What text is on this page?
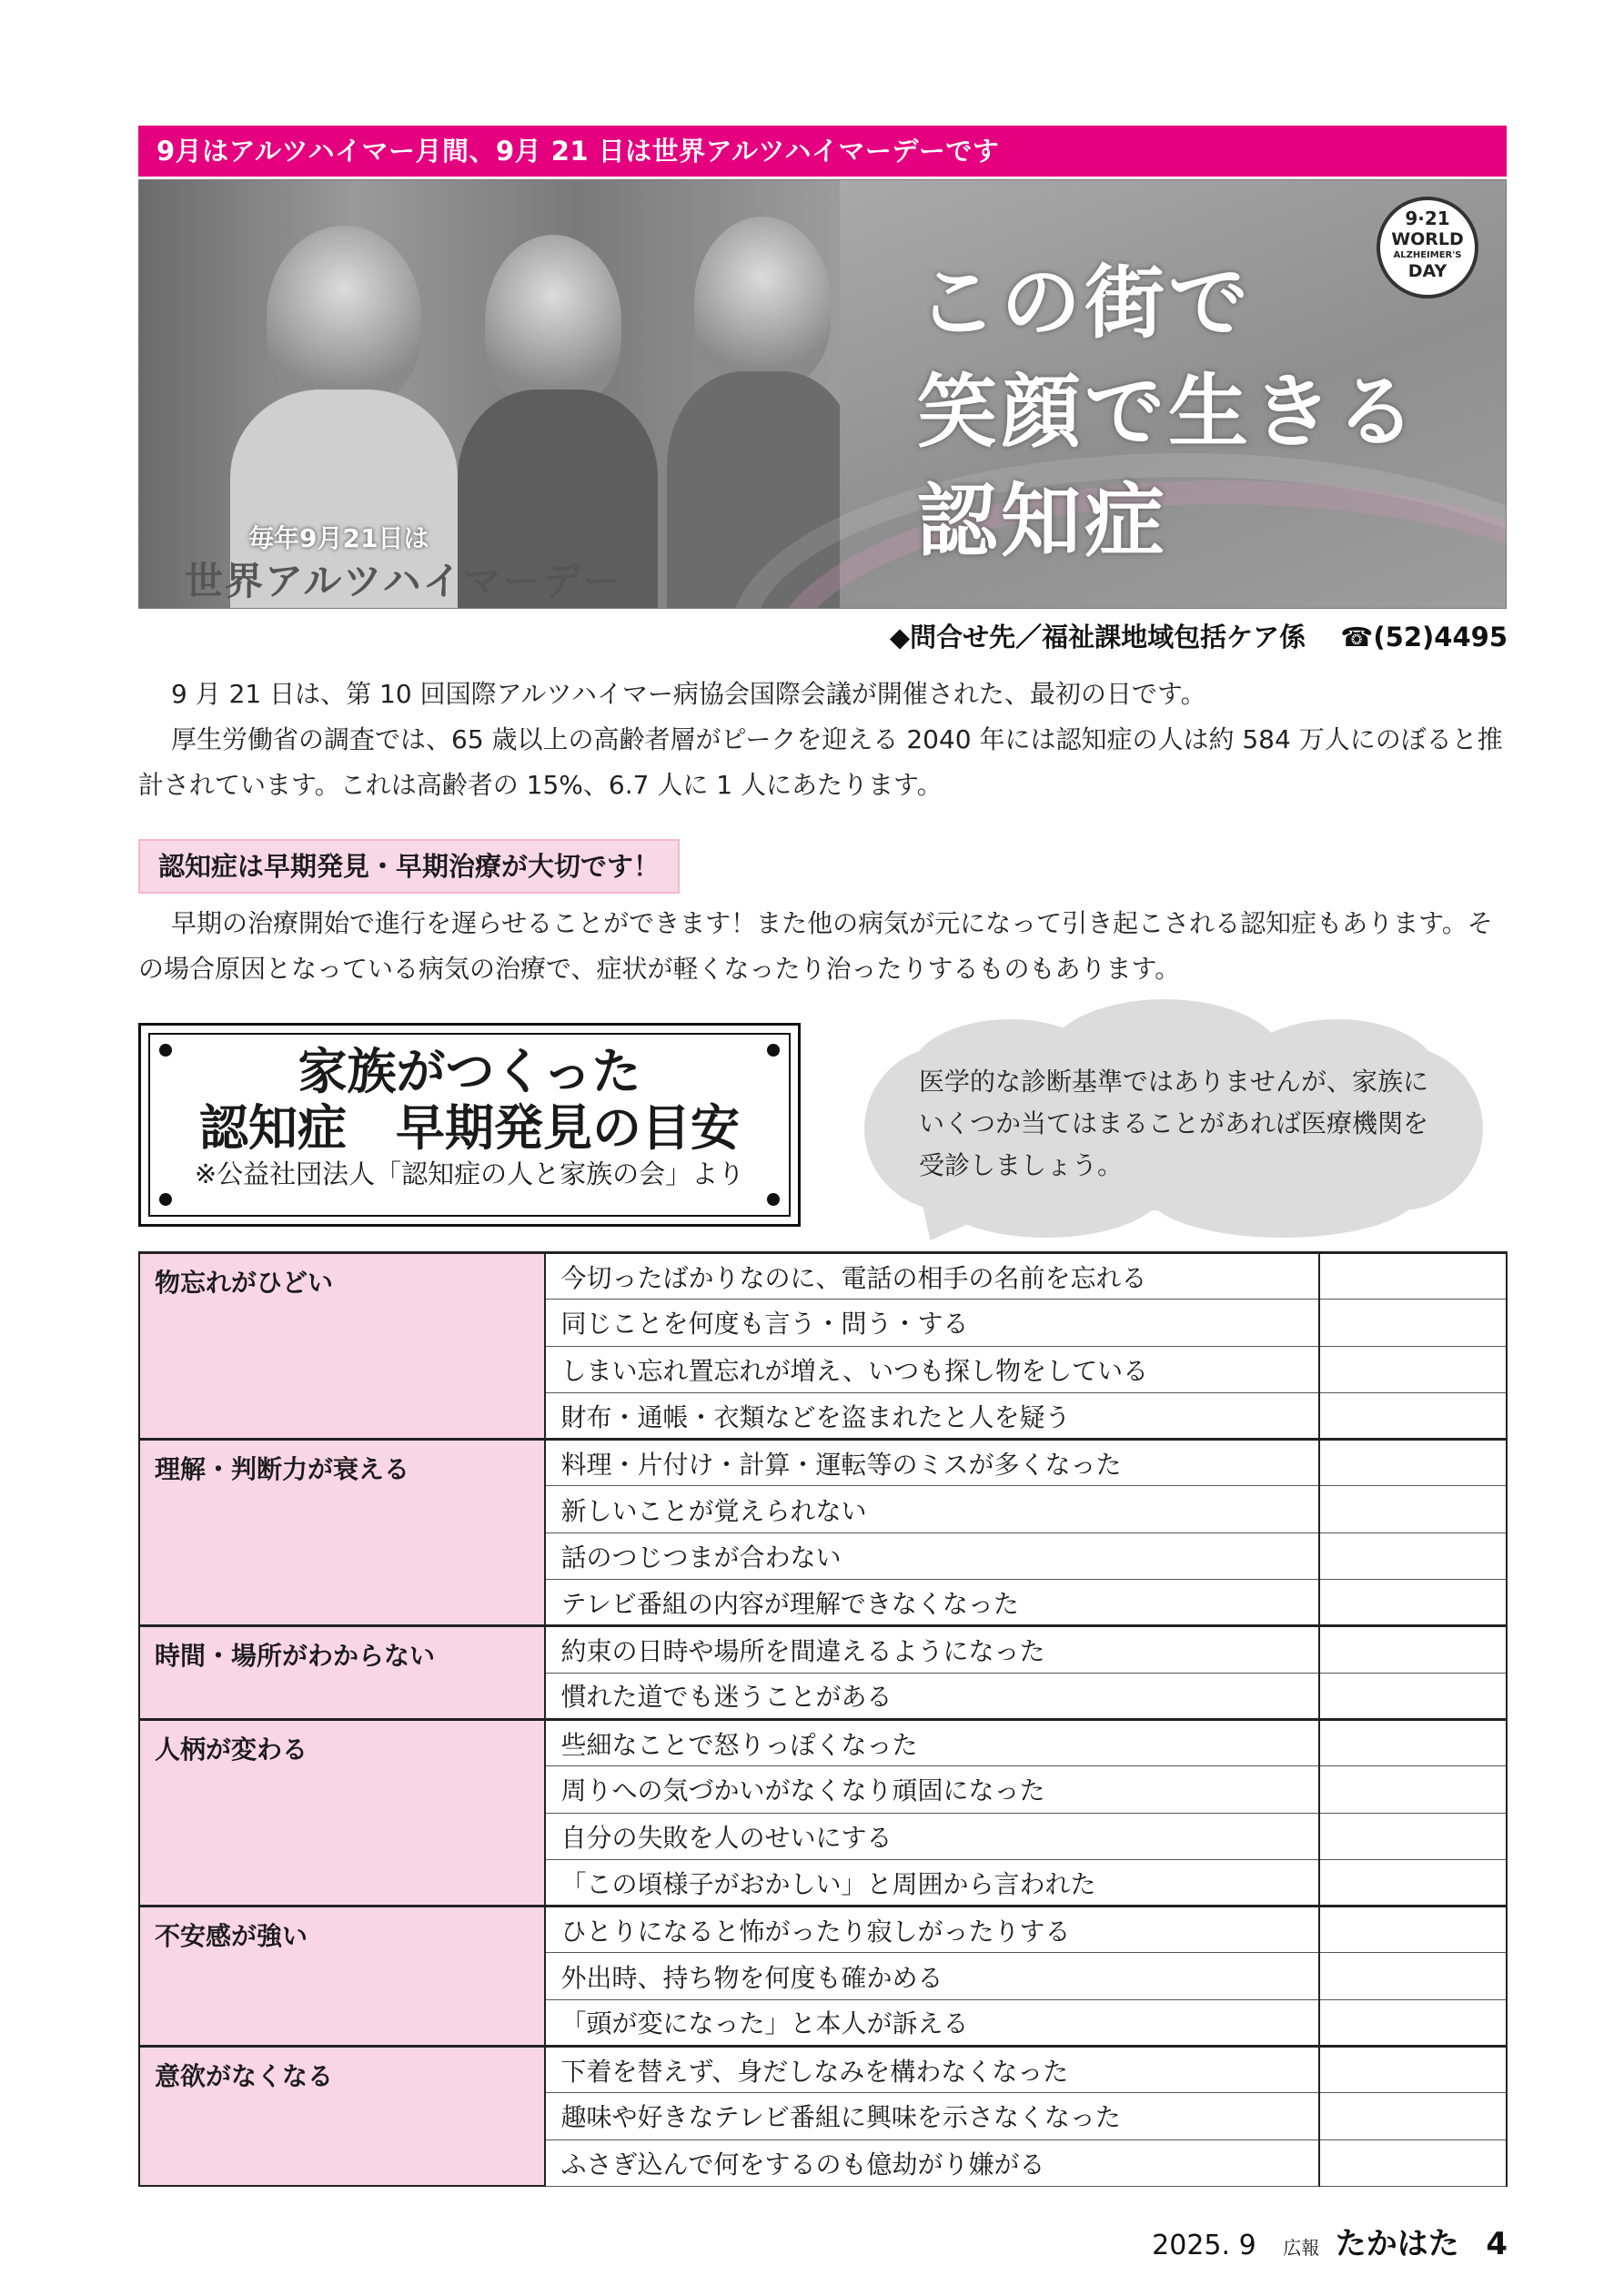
9月はアルツハイマー月間、9月 21 日は世界アルツハイマーデーです
毎年9月21日は
世界アルツハイマーデー
この街で
笑顔で生きる
認知症
9·21
WORLD
ALZHEIMER'S
DAY
◆問合せ先／福祉課地域包括ケア係 ☎(52)4495
9 月 21 日は、第 10 回国際アルツハイマー病協会国際会議が開催された、最初の日です。
厚生労働省の調査では、65 歳以上の高齢者層がピークを迎える 2040 年には認知症の人は約 584 万人にのぼると推計されています。これは高齢者の 15%、6.7 人に 1 人にあたります。
認知症は早期発見・早期治療が大切です！
早期の治療開始で進行を遅らせることができます！また他の病気が元になって引き起こされる認知症もあります。その場合原因となっている病気の治療で、症状が軽くなったり治ったりするものもあります。
家族がつくった
認知症　早期発見の目安
※公益社団法人「認知症の人と家族の会」より
医学的な診断基準ではありませんが、家族にいくつか当てはまることがあれば医療機関を受診しましょう。
物忘れがひどい	今切ったばかりなのに、電話の相手の名前を忘れる	
	同じことを何度も言う・問う・する	
	しまい忘れ置忘れが増え、いつも探し物をしている	
	財布・通帳・衣類などを盗まれたと人を疑う	
理解・判断力が衰える	料理・片付け・計算・運転等のミスが多くなった	
	新しいことが覚えられない	
	話のつじつまが合わない	
	テレビ番組の内容が理解できなくなった	
時間・場所がわからない	約束の日時や場所を間違えるようになった	
	慣れた道でも迷うことがある	
人柄が変わる	些細なことで怒りっぽくなった	
	周りへの気づかいがなくなり頑固になった	
	自分の失敗を人のせいにする	
	「この頃様子がおかしい」と周囲から言われた	
不安感が強い	ひとりになると怖がったり寂しがったりする	
	外出時、持ち物を何度も確かめる	
	「頭が変になった」と本人が訴える	
意欲がなくなる	下着を替えず、身だしなみを構わなくなった	
	趣味や好きなテレビ番組に興味を示さなくなった	
	ふさぎ込んで何をするのも億劫がり嫌がる	
2025. 9 広報 たかはた 4
